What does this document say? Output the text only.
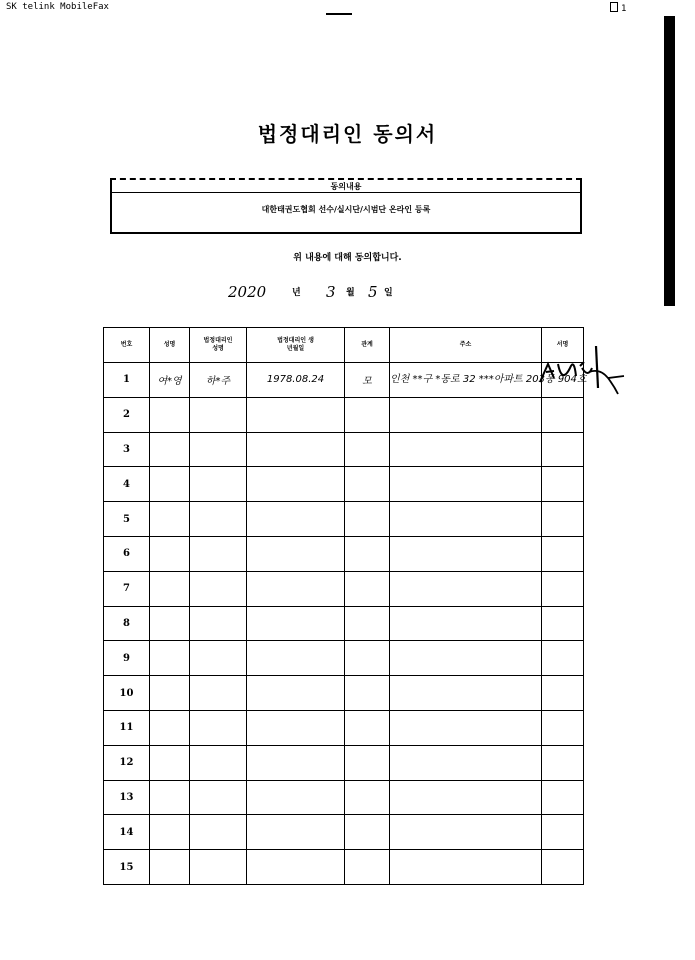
SK telink MobileFax	1
법정대리인 동의서
동의내용
대한태권도협회 선수/실시단/시범단 온라인 등록
위 내용에 대해 동의합니다.
2020	년 3 월 5 일
번호	성명	법정대리인 성명	법정대리인 생년월일	관계	주소	서명
1	여*영	하*주	1978.08.24	모	인천 **구 *동로 32 ***아파트 203동 904호	
2						
3						
4						
5						
6						
7						
8						
9						
10						
11						
12						
13						
14						
15						
